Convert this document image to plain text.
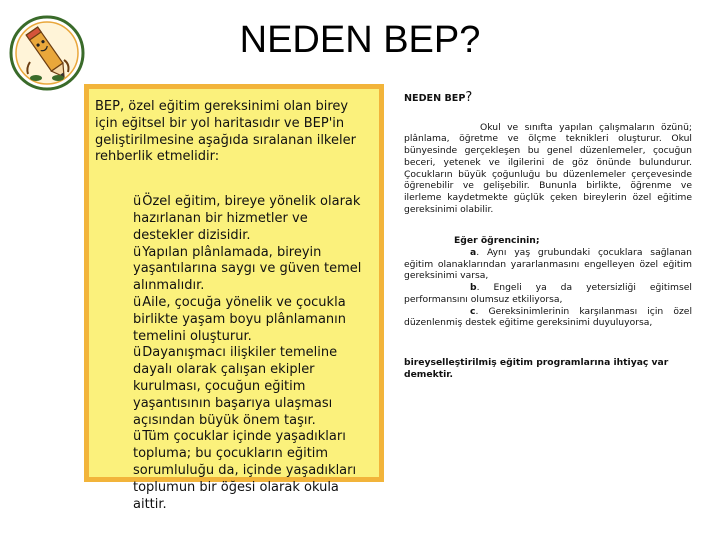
NEDEN BEP?

BEP, özel eğitim gereksinimi olan birey için eğitsel bir yol haritasıdır ve BEP'in geliştirilmesine aşağıda sıralanan ilkeler rehberlik etmelidir:

üÖzel eğitim, bireye yönelik olarak hazırlanan bir hizmetler ve destekler dizisidir.
üYapılan plânlamada, bireyin yaşantılarına saygı ve güven temel alınmalıdır.
üAile, çocuğa yönelik ve çocukla birlikte yaşam boyu plânlamanın temelini oluşturur.
üDayanışmacı ilişkiler temeline dayalı olarak çalışan ekipler kurulması, çocuğun eğitim yaşantısının başarıya ulaşması açısından büyük önem taşır.
üTüm çocuklar içinde yaşadıkları topluma; bu çocukların eğitim sorumluluğu da, içinde yaşadıkları toplumun bir öğesi olarak okula aittir.

NEDEN BEP?

Okul ve sınıfta yapılan çalışmaların özünü; plânlama, öğretme ve ölçme teknikleri oluşturur. Okul bünyesinde gerçekleşen bu genel düzenlemeler, çocuğun beceri, yetenek ve ilgilerini de göz önünde bulundurur. Çocukların büyük çoğunluğu bu düzenlemeler çerçevesinde öğrenebilir ve gelişebilir. Bununla birlikte, öğrenme ve ilerleme kaydetmekte güçlük çeken bireylerin özel eğitime gereksinimi olabilir.

Eğer öğrencinin;

a. Aynı yaş grubundaki çocuklara sağlanan eğitim olanaklarından yararlanmasını engelleyen özel eğitim gereksinimi varsa,

b. Engeli ya da yetersizliği eğitimsel performansını olumsuz etkiliyorsa,

c. Gereksinimlerinin karşılanması için özel düzenlenmiş destek eğitime gereksinimi duyuluyorsa,

bireyselleştirilmiş eğitim programlarına ihtiyaç var demektir.
